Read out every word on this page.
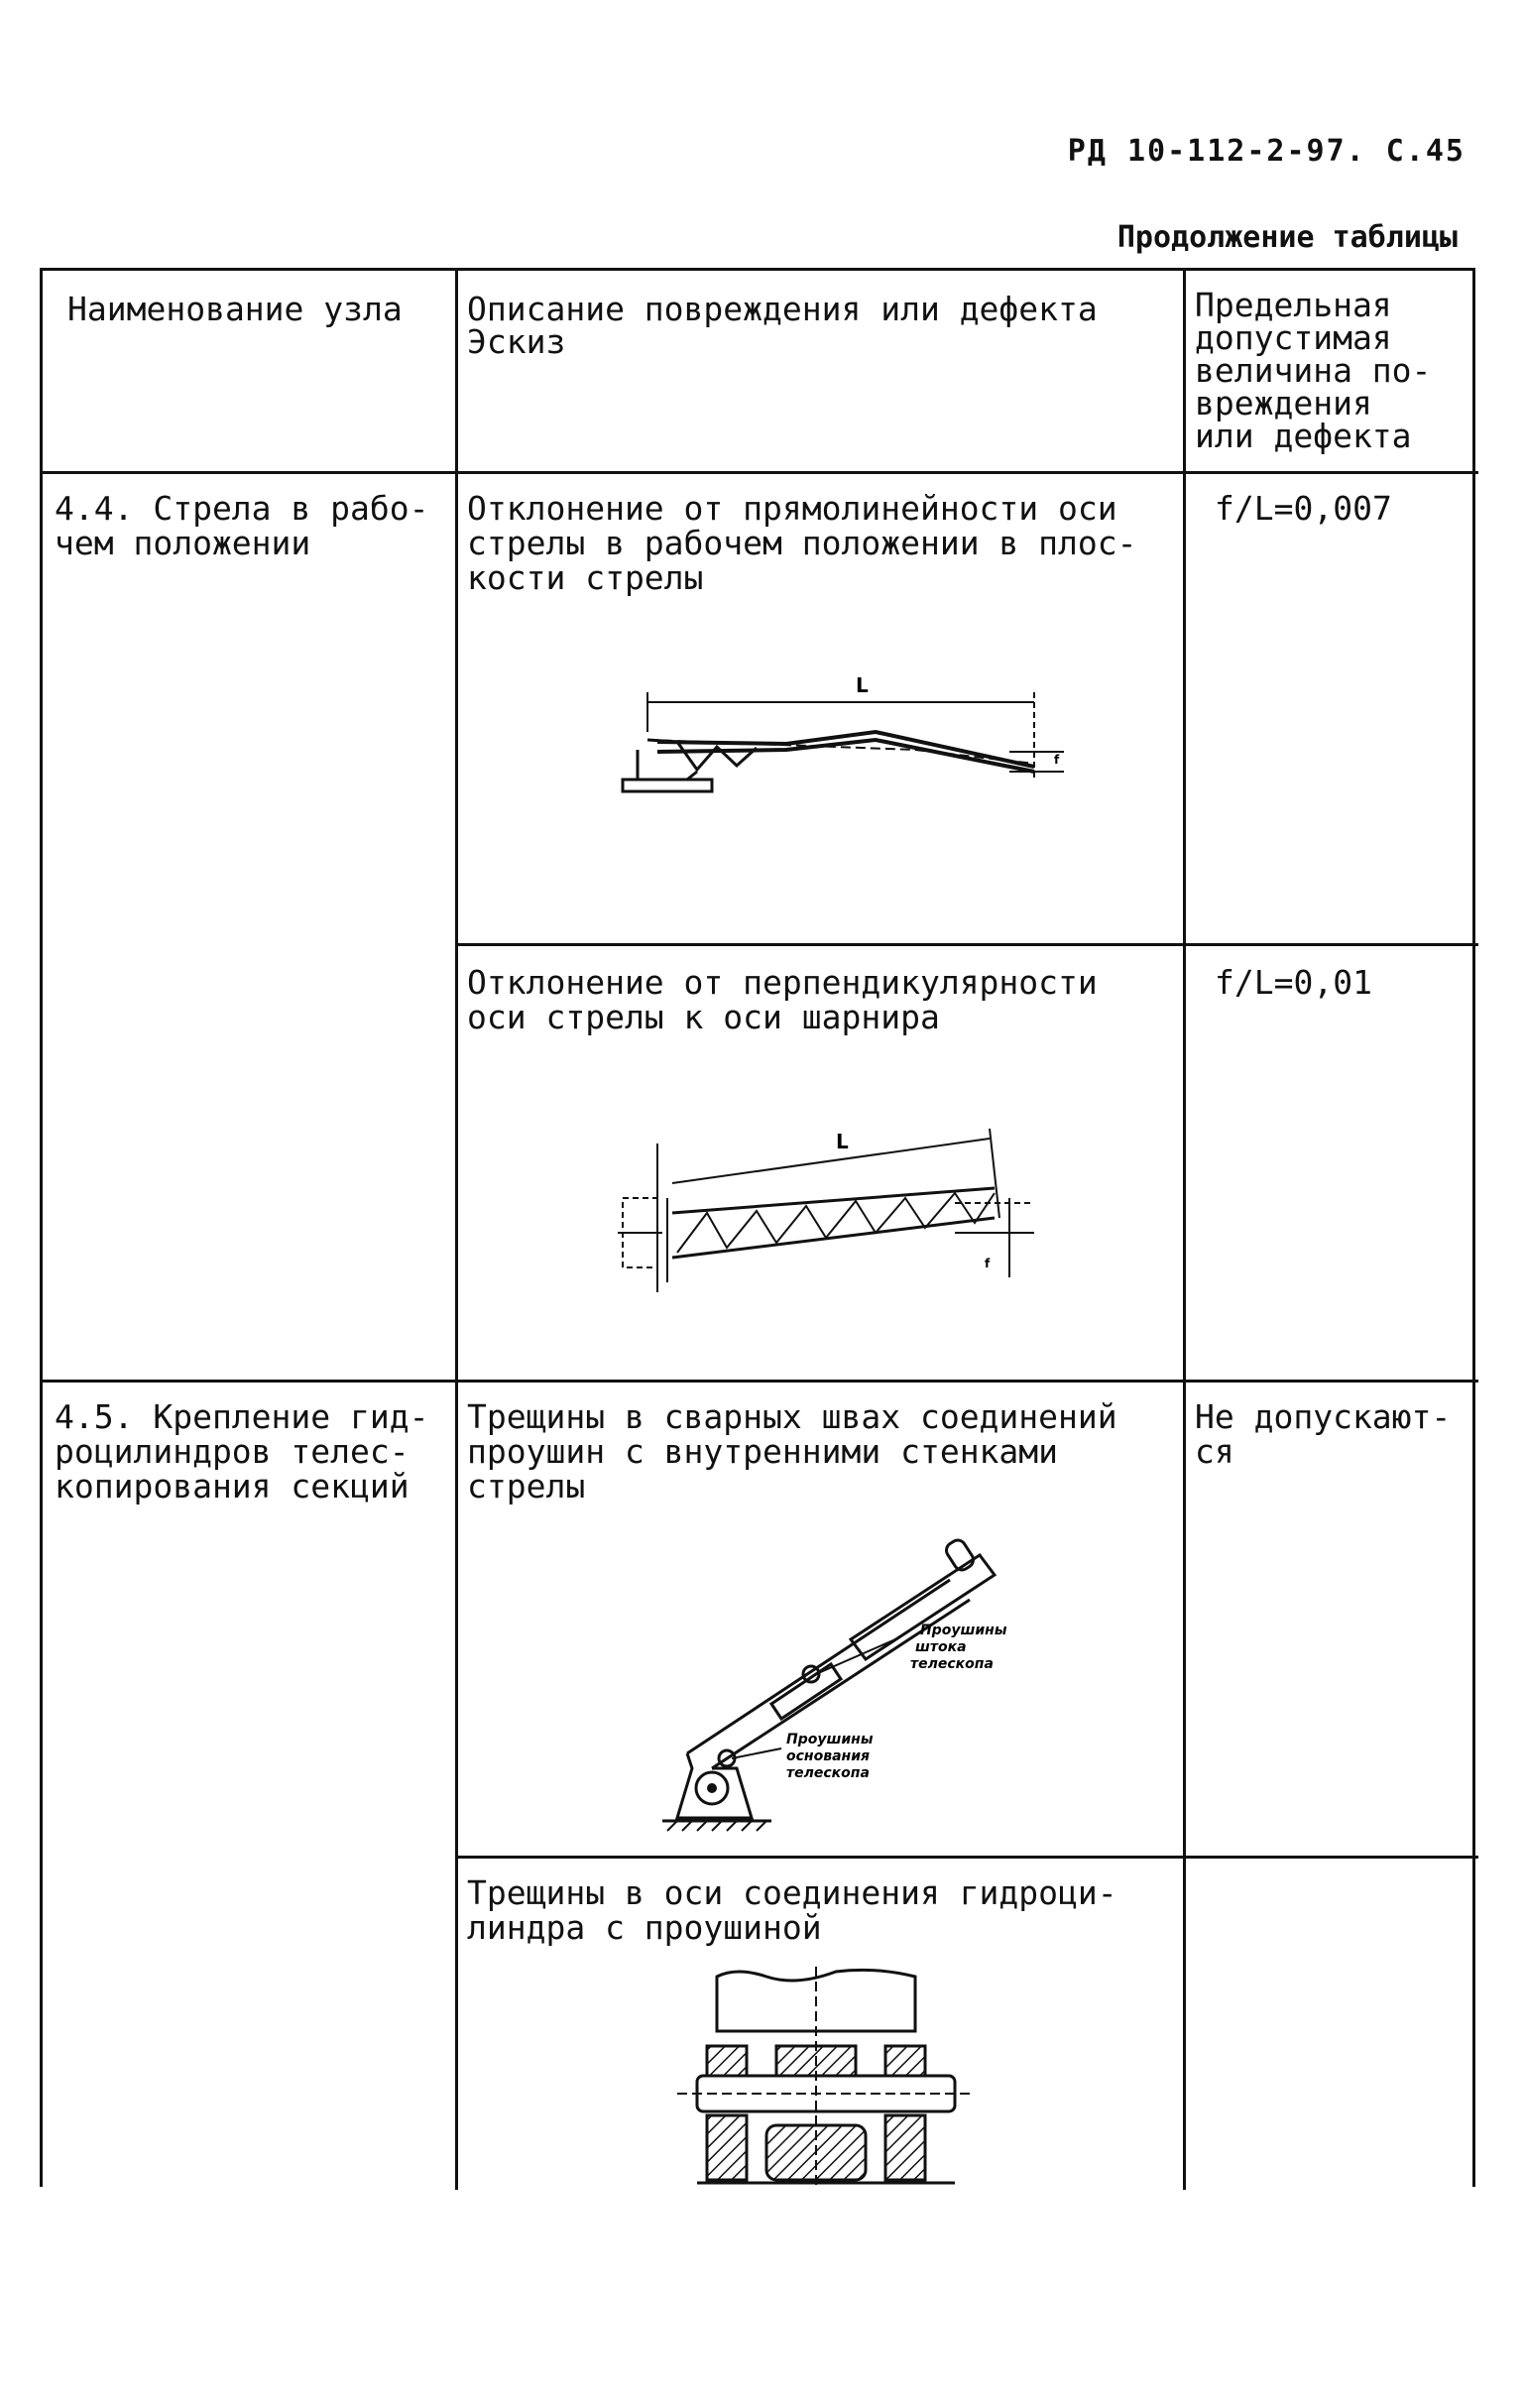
РД 10-112-2-97. С.45
Продолжение таблицы
Наименование узла	Описание повреждения или дефекта
Эскиз
Предельная
допустимая
величина по-
вреждения
или дефекта
4.4. Стрела в рабо-
чем положении
Отклонение от прямолинейности оси
стрелы в рабочем положении в плос-
кости стрелы
f/L=0,007
L
f
Отклонение от перпендикулярности
оси стрелы к оси шарнира
f/L=0,01
L
f
4.5. Крепление гид-
роцилиндров телес-
копирования секций
Трещины в сварных швах соединений
проушин с внутренними стенками
стрелы
Не допускают-
ся
Проушины штока телескопа
Проушины основания телескопа
Трещины в оси соединения гидроци-
линдра с проушиной
